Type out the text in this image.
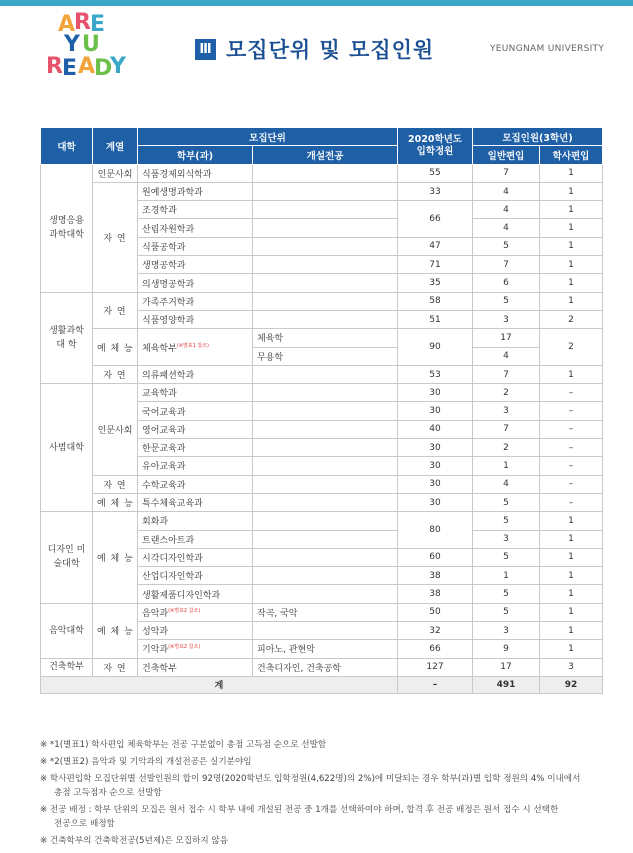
A R E
Y U
R E A D
Y
Ⅲ 모집단위 및 모집인원	YEUNGNAM UNIVERSITY
대학	계열	모집단위		2020학년도 입학정원	모집인원(3학년)	
		학부(과)	개설전공		일반편입	학사편입
생명응용 과학대학	인문사회	식품경제외식학과		55	7	1
	자 연	원예생명과학과		33	4	1
		조경학과		66	4	1
		산림자원학과			4	1
		식품공학과		47	5	1
		생명공학과		71	7	1
		의생명공학과		35	6	1
생활과학 대 학	자 연	가족주거학과		58	5	1
		식품영양학과		51	3	2
	예 체 능	체육학부$^{(※별표1 참조)}$	체육학	90	17	2
			무용학		4	
	자 연	의류패션학과		53	7	1
사범대학	인문사회	교육학과		30	2	–
		국어교육과		30	3	–
		영어교육과		40	7	–
		한문교육과		30	2	–
		유아교육과		30	1	–
	자 연	수학교육과		30	4	–
	예 체 능	특수체육교육과		30	5	–
디자인 미술대학	예 체 능	회화과		80	5	1
		트랜스아트과			3	1
		시각디자인학과		60	5	1
		산업디자인학과		38	1	1
		생활제품디자인학과		38	5	1
음악대학	예 체 능	음악과$^{(※별표2 참조)}$	작곡, 국악	50	5	1
		성악과		32	3	1
		기악과$^{(※별표2 참조)}$	피아노, 관현악	66	9	1
건축학부	자 연	건축학부	건축디자인, 건축공학	127	17	3
계				–	491	92
※ *1(별표1) 학사편입 체육학부는 전공 구분없이 총점 고득점 순으로 선발함
※ *2(별표2) 음악과 및 기악과의 개설전공은 실기분야임
※ 학사편입학 모집단위별 선발인원의 합이 92명(2020학년도 입학정원(4,622명)의 2%)에 미달되는 경우 학부(과)별 입학 정원의 4% 이내에서
총점 고득점자 순으로 선발함
※ 전공 배정 : 학부 단위의 모집은 원서 접수 시 학부 내에 개설된 전공 중 1개를 선택하여야 하며, 합격 후 전공 배정은 원서 접수 시 선택한
전공으로 배정함
※ 건축학부의 건축학전공(5년제)은 모집하지 않음
